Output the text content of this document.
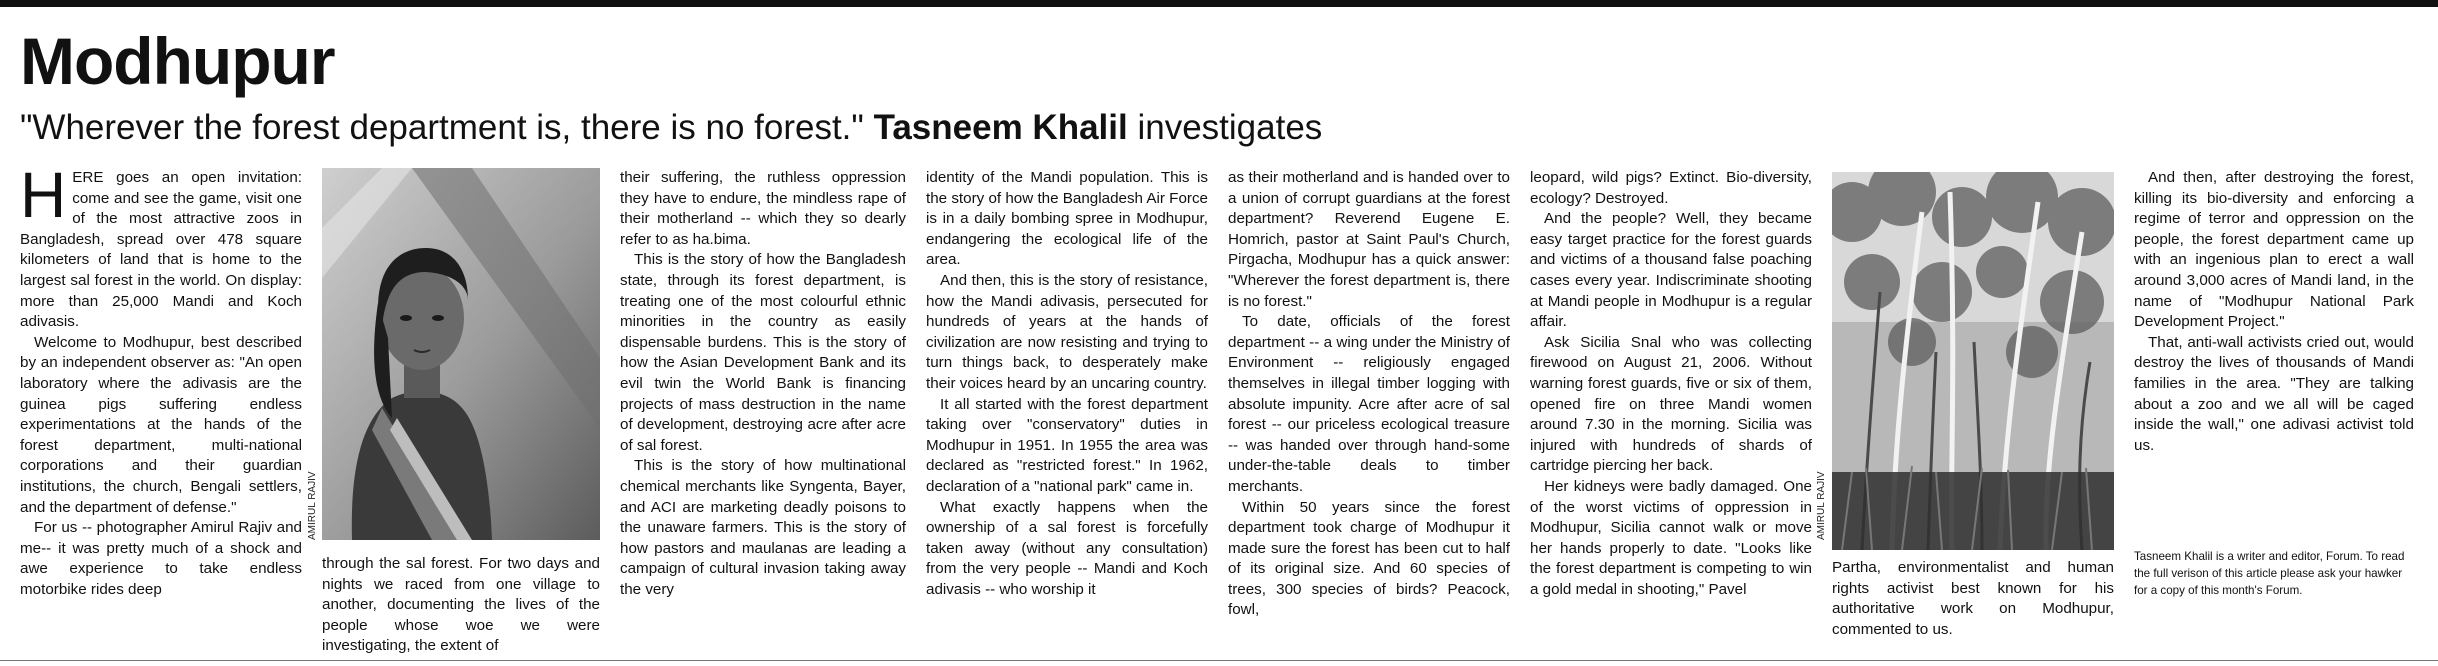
Modhupur
"Wherever the forest department is, there is no forest." Tasneem Khalil investigates

HERE goes an open invitation: come and see the game, visit one of the most attractive zoos in Bangladesh, spread over 478 square kilometers of land that is home to the largest sal forest in the world. On display: more than 25,000 Mandi and Koch adivasis.

Welcome to Modhupur, best described by an independent observer as: "An open laboratory where the adivasis are the guinea pigs suffering endless experimentations at the hands of the forest department, multi-national corporations and their guardian institutions, the church, Bengali settlers, and the department of defense."

For us -- photographer Amirul Rajiv and me-- it was pretty much of a shock and awe experience to take endless motorbike rides deep

AMIRUL RAJIV

through the sal forest. For two days and nights we raced from one village to another, documenting the lives of the people whose woe we were investigating, the extent of

their suffering, the ruthless oppression they have to endure, the mindless rape of their motherland -- which they so dearly refer to as ha.bima.

This is the story of how the Bangladesh state, through its forest department, is treating one of the most colourful ethnic minorities in the country as easily dispensable burdens. This is the story of how the Asian Development Bank and its evil twin the World Bank is financing projects of mass destruction in the name of development, destroying acre after acre of sal forest.

This is the story of how multinational chemical merchants like Syngenta, Bayer, and ACI are marketing deadly poisons to the unaware farmers. This is the story of how pastors and maulanas are leading a campaign of cultural invasion taking away the very

identity of the Mandi population. This is the story of how the Bangladesh Air Force is in a daily bombing spree in Modhupur, endangering the ecological life of the area.

And then, this is the story of resistance, how the Mandi adivasis, persecuted for hundreds of years at the hands of civilization are now resisting and trying to turn things back, to desperately make their voices heard by an uncaring country.

It all started with the forest department taking over "conservatory" duties in Modhupur in 1951. In 1955 the area was declared as "restricted forest." In 1962, declaration of a "national park" came in.

What exactly happens when the ownership of a sal forest is forcefully taken away (without any consultation) from the very people -- Mandi and Koch adivasis -- who worship it

as their motherland and is handed over to a union of corrupt guardians at the forest department? Reverend Eugene E. Homrich, pastor at Saint Paul's Church, Pirgacha, Modhupur has a quick answer: "Wherever the forest department is, there is no forest."

To date, officials of the forest department -- a wing under the Ministry of Environment -- religiously engaged themselves in illegal timber logging with absolute impunity. Acre after acre of sal forest -- our priceless ecological treasure -- was handed over through hand-some under-the-table deals to timber merchants.

Within 50 years since the forest department took charge of Modhupur it made sure the forest has been cut to half of its original size. And 60 species of trees, 300 species of birds? Peacock, fowl,

leopard, wild pigs? Extinct. Bio-diversity, ecology? Destroyed.

And the people? Well, they became easy target practice for the forest guards and victims of a thousand false poaching cases every year. Indiscriminate shooting at Mandi people in Modhupur is a regular affair.

Ask Sicilia Snal who was collecting firewood on August 21, 2006. Without warning forest guards, five or six of them, opened fire on three Mandi women around 7.30 in the morning. Sicilia was injured with hundreds of shards of cartridge piercing her back.

Her kidneys were badly damaged. One of the worst victims of oppression in Modhupur, Sicilia cannot walk or move her hands properly to date. "Looks like the forest department is competing to win a gold medal in shooting," Pavel

AMIRUL RAJIV
Partha, environmentalist and human rights activist best known for his authoritative work on Modhupur, commented to us.

And then, after destroying the forest, killing its bio-diversity and enforcing a regime of terror and oppression on the people, the forest department came up with an ingenious plan to erect a wall around 3,000 acres of Mandi land, in the name of "Modhupur National Park Development Project."

That, anti-wall activists cried out, would destroy the lives of thousands of Mandi families in the area. "They are talking about a zoo and we all will be caged inside the wall," one adivasi activist told us.

Tasneem Khalil is a writer and editor, Forum. To read the full verison of this article please ask your hawker for a copy of this month's Forum.
